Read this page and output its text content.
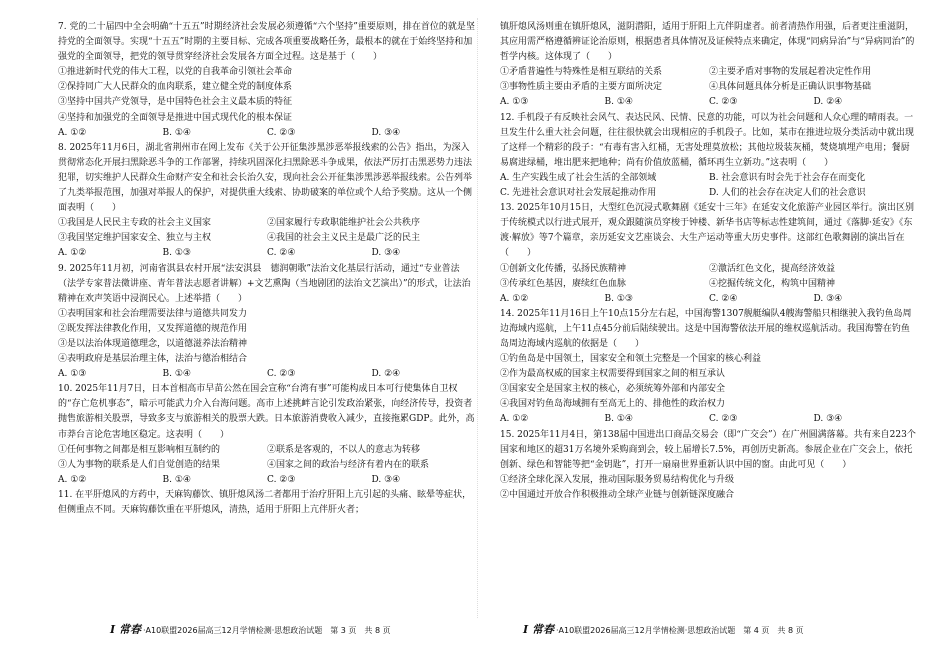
7. 党的二十届四中全会明确“十五五”时期经济社会发展必须遵循“六个坚持”重要原则，排在首位的就是坚持党的全面领导。实现“十五五”时期的主要目标、完成各项重要战略任务，最根本的就在于始终坚持和加强党的全面领导，把党的领导贯穿经济社会发展各方面全过程。这是基于（　　）
①推进新时代党的伟大工程，以党的自我革命引领社会革命
②保持同广大人民群众的血肉联系，建立健全党的制度体系
③坚持中国共产党领导，是中国特色社会主义最本质的特征
④坚持和加强党的全面领导是推进中国式现代化的根本保证
A. ①②	B. ①④	C. ②③	D. ③④
8. 2025年11月6日，湖北省荆州市在网上发布《关于公开征集涉黑涉恶举报线索的公告》指出，为深入贯彻常态化开展扫黑除恶斗争的工作部署，持续巩固深化扫黑除恶斗争成果，依法严厉打击黑恶势力违法犯罪，切实维护人民群众生命财产安全和社会长治久安，现向社会公开征集涉黑涉恶举报线索。公告列举了九类举报范围，加强对举报人的保护，对提供重大线索、协助破案的单位或个人给予奖励。这从一个侧面表明（　　）
①我国是人民民主专政的社会主义国家	②国家履行专政职能维护社会公共秩序
③我国坚定维护国家安全、独立与主权	④我国的社会主义民主是最广泛的民主
A. ①②	B. ①③	C. ②④	D. ③④
9. 2025年11月初，河南省淇县农村开展“法安淇县　德润朝歌”法治文化基层行活动，通过“专业普法（法学专家普法微讲座、青年普法志愿者讲解）+文艺熏陶（当地剧团的法治文艺演出）”的形式，让法治精神在欢声笑语中浸润民心。上述举措（　　）
①表明国家和社会治理需要法律与道德共同发力
②既发挥法律教化作用，又发挥道德的规范作用
③是以法治体现道德理念，以道德滋养法治精神
④表明政府是基层治理主体，法治与德治相结合
A. ①③	B. ①④	C. ②③	D. ②④
10. 2025年11月7日，日本首相高市早苗公然在国会宣称“台湾有事”可能构成日本可行使集体自卫权的“存亡危机事态”，暗示可能武力介入台海问题。高市上述挑衅言论引发政治紧张，向经济传导，投资者抛售旅游相关股票，导致多支与旅游相关的股票大跌。日本旅游消费收入减少，直接拖累GDP。此外，高市莽台言论危害地区稳定。这表明（　　）
①任何事物之间都是相互影响相互制约的	②联系是客观的，不以人的意志为转移
③人为事物的联系是人们自觉创造的结果	④国家之间的政治与经济有着内在的联系
A. ①②	B. ①④	C. ②③	D. ③④
11. 在平肝熄风的方药中，天麻钩藤饮、镇肝熄风汤二者都用于治疗肝阳上亢引起的头痛、眩晕等症状，但侧重点不同。天麻钩藤饮重在平肝熄风，清热，适用于肝阳上亢伴肝火者；
I 常春 ·A10联盟2026届高三12月学情检测·思想政治试题　第 3 页　共 8 页
镇肝熄风汤则重在镇肝熄风，滋阴潜阳，适用于肝阳上亢伴阴虚者。前者清热作用强，后者更注重滋阴，其应用需严格遵循辨证论治原则，根据患者具体情况及证候特点来确定，体现“同病异治”与“异病同治”的哲学内核。这体现了（　　）
①矛盾普遍性与特殊性是相互联结的关系	②主要矛盾对事物的发展起着决定性作用
③事物性质主要由矛盾的主要方面所决定	④具体问题具体分析是正确认识事物基础
A. ①③	B. ①④	C. ②③	D. ②④
12. 手机段子有反映社会风气、表达民风、民情、民意的功能，可以为社会问题和人众心理的晴雨表。一旦发生什么重大社会问题，往往很快就会出现相应的手机段子。比如，某市在推进垃圾分类活动中就出现了这样一个精彩的段子：“有毒有害入红桶，无害处理莫放松；其他垃圾装灰桶，焚烧填埋产电用；餐厨易腐进绿桶，堆出肥来把地种；尚有价值放蓝桶，循环再生立新功。”这表明（　　）
A. 生产实践生成了社会生活的全部领域	B. 社会意识有时会先于社会存在而变化
C. 先进社会意识对社会发展起推动作用	D. 人们的社会存在决定人们的社会意识
13. 2025年10月15日，大型红色沉浸式歌舞剧《延安十三年》在延安文化旅游产业园区举行。演出区别于传统模式以行进式展开，观众跟随演员穿梭于钟楼、新华书店等标志性建筑间，通过《落脚·延安》《东渡·解放》等7个篇章，亲历延安文艺座谈会、大生产运动等重大历史事件。这部红色歌舞剧的演出旨在（　　）
①创新文化传播，弘扬民族精神	②激活红色文化，提高经济效益
③传承红色基因，赓续红色血脉	④挖掘传统文化，构筑中国精神
A. ①②	B. ①③	C. ②④	D. ③④
14. 2025年11月16日上午10点15分左右起，中国海警1307舰艇编队4艘海警船只相继驶入我钓鱼岛周边海域内巡航，上午11点45分前后陆续驶出。这是中国海警依法开展的维权巡航活动。我国海警在钓鱼岛周边海域内巡航的依据是（　　）
①钓鱼岛是中国领土，国家安全和领土完整是一个国家的核心利益
②作为最高权威的国家主权需要得到国家之间的相互承认
③国家安全是国家主权的核心，必须统筹外部和内部安全
④我国对钓鱼岛海域拥有至高无上的、排他性的政治权力
A. ①②	B. ①④	C. ②③	D. ③④
15. 2025年11月4日，第138届中国进出口商品交易会（即“广交会”）在广州圆满落幕。共有来自223个国家和地区的超31万名境外采购商到会，较上届增长7.5%，再创历史新高。参展企业在广交会上，依托创新、绿色和智能等把“金钥匙”，打开一扇扇世界重新认识中国的窗。由此可见（　　）
①经济全球化深入发展，推动国际服务贸易结构优化与升级
②中国通过开放合作积极推动全球产业链与创新链深度融合
I 常春 ·A10联盟2026届高三12月学情检测·思想政治试题　第 4 页　共 8 页
